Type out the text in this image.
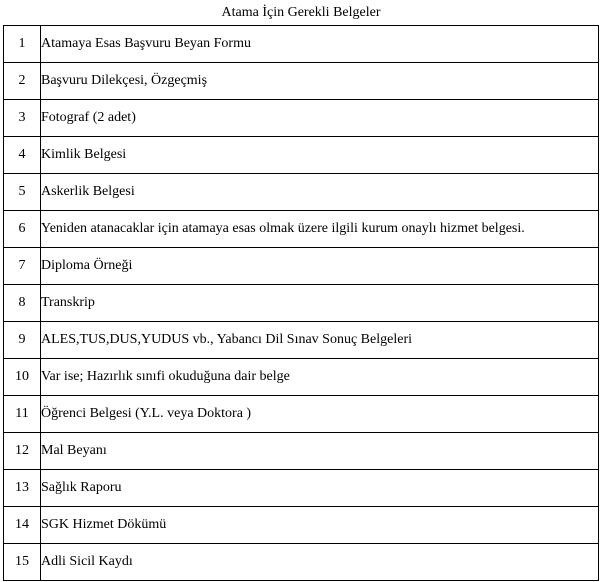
Atama İçin Gerekli Belgeler
1	Atamaya Esas Başvuru Beyan Formu
2	Başvuru Dilekçesi, Özgeçmiş
3	Fotograf (2 adet)
4	Kimlik Belgesi
5	Askerlik Belgesi
6	Yeniden atanacaklar için atamaya esas olmak üzere ilgili kurum onaylı hizmet belgesi.
7	Diploma Örneği
8	Transkrip
9	ALES,TUS,DUS,YUDUS vb., Yabancı Dil Sınav Sonuç Belgeleri
10	Var ise; Hazırlık sınıfi okuduğuna dair belge
11	Öğrenci Belgesi (Y.L. veya Doktora )
12	Mal Beyanı
13	Sağlık Raporu
14	SGK Hizmet Dökümü
15	Adli Sicil Kaydı
